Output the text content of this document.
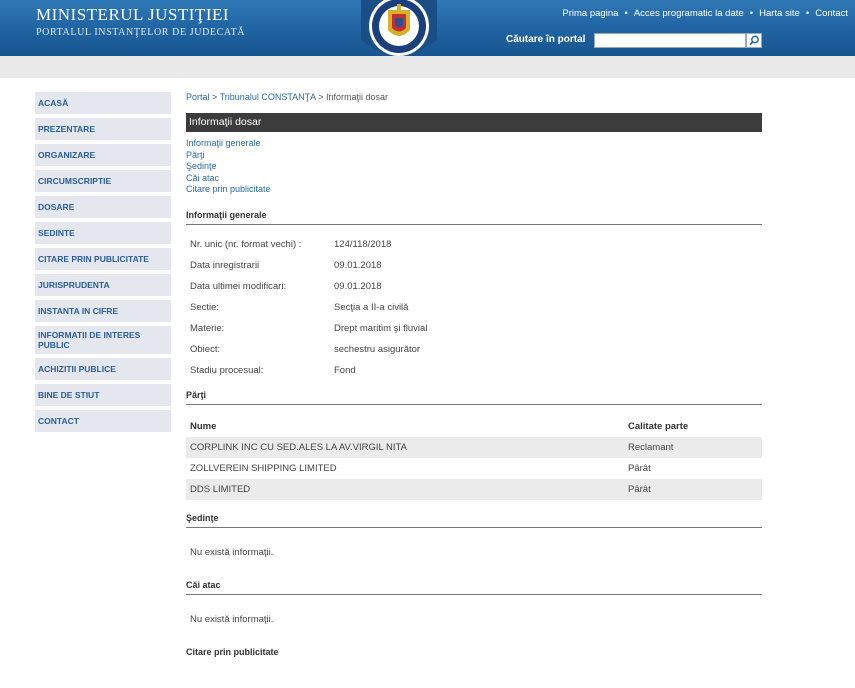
MINISTERUL JUSTIŢIEI
PORTALUL INSTANŢELOR DE JUDECATĂ
Prima pagina • Acces programatic la date • Harta site • Contact
Căutare în portal
ACASĂ
PREZENTARE
ORGANIZARE
CIRCUMSCRIPTIE
DOSARE
SEDINTE
CITARE PRIN PUBLICITATE
JURISPRUDENTA
INSTANTA IN CIFRE
INFORMATII DE INTERES PUBLIC
ACHIZITII PUBLICE
BINE DE STIUT
CONTACT
Portal > Tribunalul CONSTANŢA > Informaţii dosar
Informaţii dosar
Informaţii generale
Părţi
Şedinţe
Căi atac
Citare prin publicitate
Informaţii generale
Nr. unic (nr. format vechi) :	124/118/2018
Data inregistrarii	09.01.2018
Data ultimei modificari:	09.01.2018
Sectie:	Secţia a II-a civilă
Materie:	Drept maritim şi fluvial
Obiect:	sechestru asigurător
Stadiu procesual:	Fond
Părţi
Nume	Calitate parte
CORPLINK INC CU SED.ALES LA AV.VIRGIL NITA	Reclamant
ZOLLVEREIN SHIPPING LIMITED	Pârât
DDS LIMITED	Pârât
Şedinţe
Nu există informaţii.
Căi atac
Nu există informaţii.
Citare prin publicitate
